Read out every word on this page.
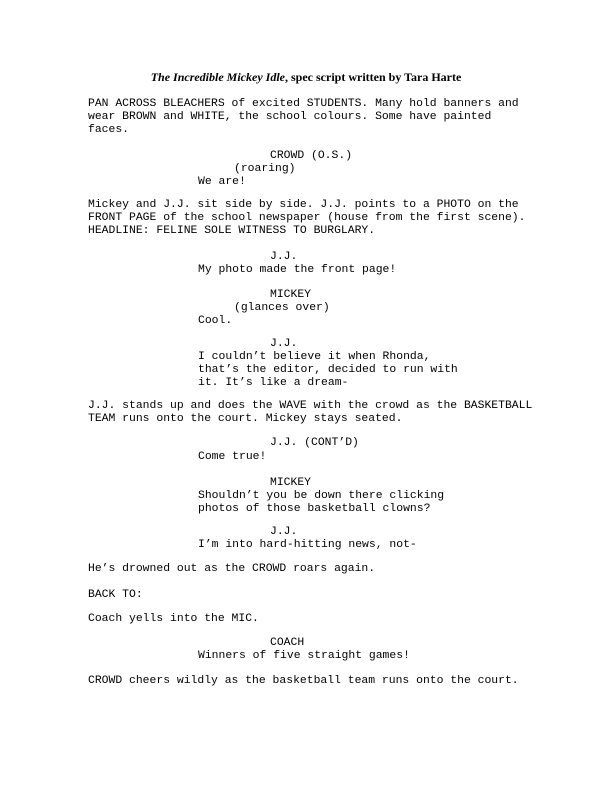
The Incredible Mickey Idle, spec script written by Tara Harte
PAN ACROSS BLEACHERS of excited STUDENTS. Many hold banners and
wear BROWN and WHITE, the school colours. Some have painted
faces.
CROWD (O.S.)
(roaring)
We are!
Mickey and J.J. sit side by side. J.J. points to a PHOTO on the
FRONT PAGE of the school newspaper (house from the first scene).
HEADLINE: FELINE SOLE WITNESS TO BURGLARY.
J.J.
My photo made the front page!
MICKEY
(glances over)
Cool.
J.J.
I couldn’t believe it when Rhonda,
that’s the editor, decided to run with
it. It’s like a dream-
J.J. stands up and does the WAVE with the crowd as the BASKETBALL
TEAM runs onto the court. Mickey stays seated.
J.J. (CONT’D)
Come true!
MICKEY
Shouldn’t you be down there clicking
photos of those basketball clowns?
J.J.
I’m into hard-hitting news, not-
He’s drowned out as the CROWD roars again.
BACK TO:
Coach yells into the MIC.
COACH
Winners of five straight games!
CROWD cheers wildly as the basketball team runs onto the court.
